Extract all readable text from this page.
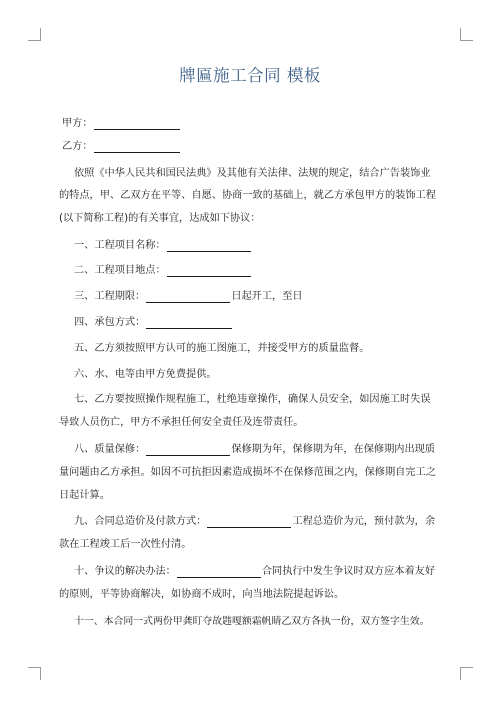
牌匾施工合同 模板
甲方：
乙方：
依照《中华人民共和国民法典》及其他有关法律、法规的规定，结合广告装饰业
的特点，甲、乙双方在平等、自愿、协商一致的基础上，就乙方承包甲方的装饰工程
(以下简称工程)的有关事宜，达成如下协议：
一、工程项目名称：
二、工程项目地点：
三、工程期限：	日起开工，至日
四、承包方式：
五、乙方须按照甲方认可的施工图施工，并接受甲方的质量监督。
六、水、电等由甲方免费提供。
七、乙方要按照操作规程施工，杜绝违章操作，确保人员安全，如因施工时失误
导致人员伤亡，甲方不承担任何安全责任及连带责任。
八、质量保修：	保修期为年，保修期为年，在保修期内出现质
量问题由乙方承担。如因不可抗拒因素造成损坏不在保修范围之内，保修期自完工之
日起计算。
九、合同总造价及付款方式：	工程总造价为元，预付款为，余
款在工程竣工后一次性付清。
十、争议的解决办法：	合同执行中发生争议时双方应本着友好
的原则，平等协商解决，如协商不成时，向当地法院提起诉讼。
十一、本合同一式两份甲龚盯夺故韪嘎额霜帆睛乙双方各执一份，双方签字生效。
